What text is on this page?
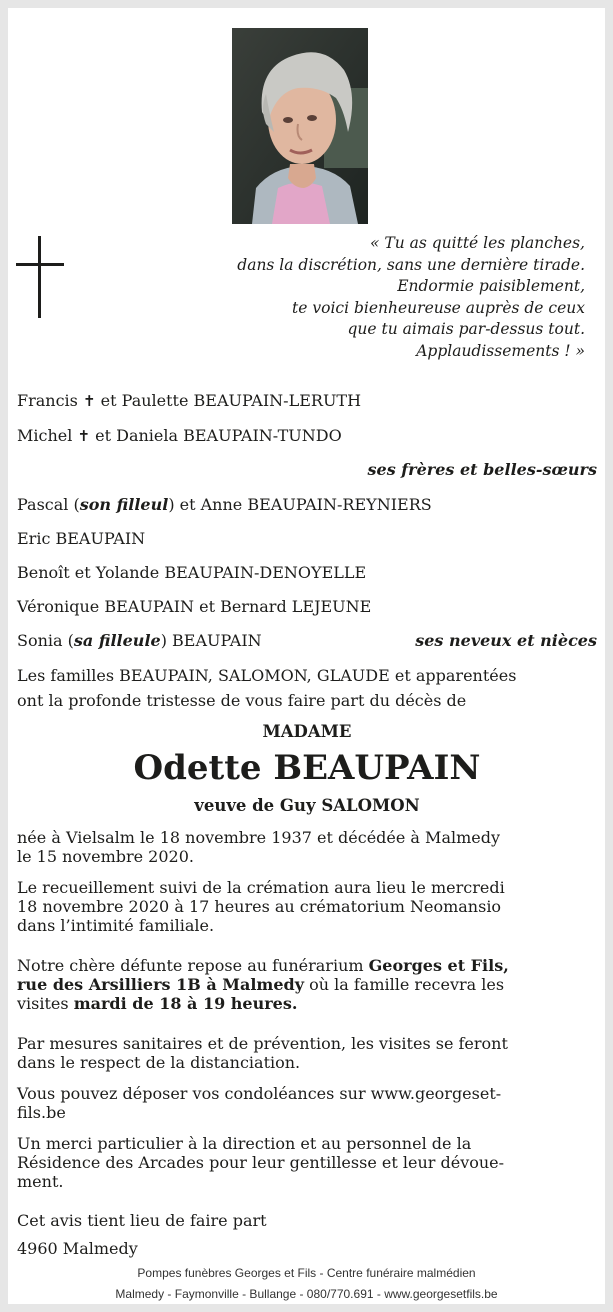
« Tu as quitté les planches,
dans la discrétion, sans une dernière tirade.
Endormie paisiblement,
te voici bienheureuse auprès de ceux
que tu aimais par-dessus tout.
Applaudissements ! »
Francis ✝ et Paulette BEAUPAIN-LERUTH
Michel ✝ et Daniela BEAUPAIN-TUNDO
ses frères et belles-sœurs
Pascal (son filleul) et Anne BEAUPAIN-REYNIERS
Eric BEAUPAIN
Benoît et Yolande BEAUPAIN-DENOYELLE
Véronique BEAUPAIN et Bernard LEJEUNE
Sonia (sa filleule) BEAUPAIN	ses neveux et nièces
Les familles BEAUPAIN, SALOMON, GLAUDE et apparentées
ont la profonde tristesse de vous faire part du décès de
MADAME
Odette BEAUPAIN
veuve de Guy SALOMON
née à Vielsalm le 18 novembre 1937 et décédée à Malmedy
le 15 novembre 2020.
Le recueillement suivi de la crémation aura lieu le mercredi
18 novembre 2020 à 17 heures au crématorium Neomansio
dans l’intimité familiale.
Notre chère défunte repose au funérarium Georges et Fils,
rue des Arsilliers 1B à Malmedy où la famille recevra les
visites mardi de 18 à 19 heures.
Par mesures sanitaires et de prévention, les visites se feront
dans le respect de la distanciation.
Vous pouvez déposer vos condoléances sur www.georgeset-
fils.be
Un merci particulier à la direction et au personnel de la
Résidence des Arcades pour leur gentillesse et leur dévoue-
ment.
Cet avis tient lieu de faire part
4960 Malmedy
Pompes funèbres Georges et Fils - Centre funéraire malmédien
Malmedy - Faymonville - Bullange - 080/770.691 - www.georgesetfils.be
